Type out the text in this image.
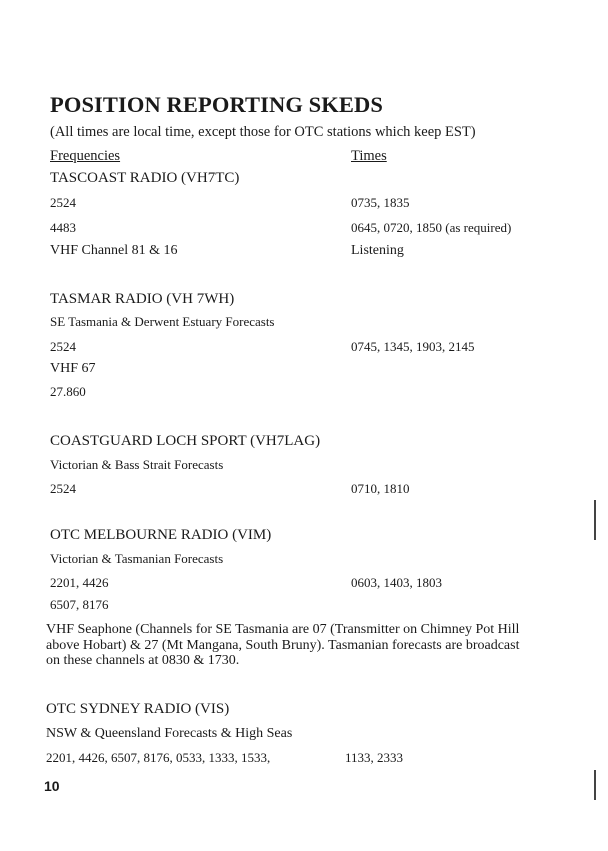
POSITION REPORTING SKEDS
(All times are local time, except those for OTC stations which keep EST)
Frequencies	Times
TASCOAST RADIO (VH7TC)
2524	0735, 1835
4483	0645, 0720, 1850 (as required)
VHF Channel 81 & 16	Listening
TASMAR RADIO (VH 7WH)
SE Tasmania & Derwent Estuary Forecasts
2524	0745, 1345, 1903, 2145
VHF 67
27.860
COASTGUARD LOCH SPORT (VH7LAG)
Victorian & Bass Strait Forecasts
2524	0710, 1810
OTC MELBOURNE RADIO (VIM)
Victorian & Tasmanian Forecasts
2201, 4426	0603, 1403, 1803
6507, 8176
VHF Seaphone (Channels for SE Tasmania are 07 (Transmitter on Chimney Pot Hill above Hobart) & 27 (Mt Mangana, South Bruny). Tasmanian forecasts are broadcast on these channels at 0830 & 1730.
OTC SYDNEY RADIO (VIS)
NSW & Queensland Forecasts & High Seas
2201, 4426, 6507, 8176, 0533, 1333, 1533,	1133, 2333
10
